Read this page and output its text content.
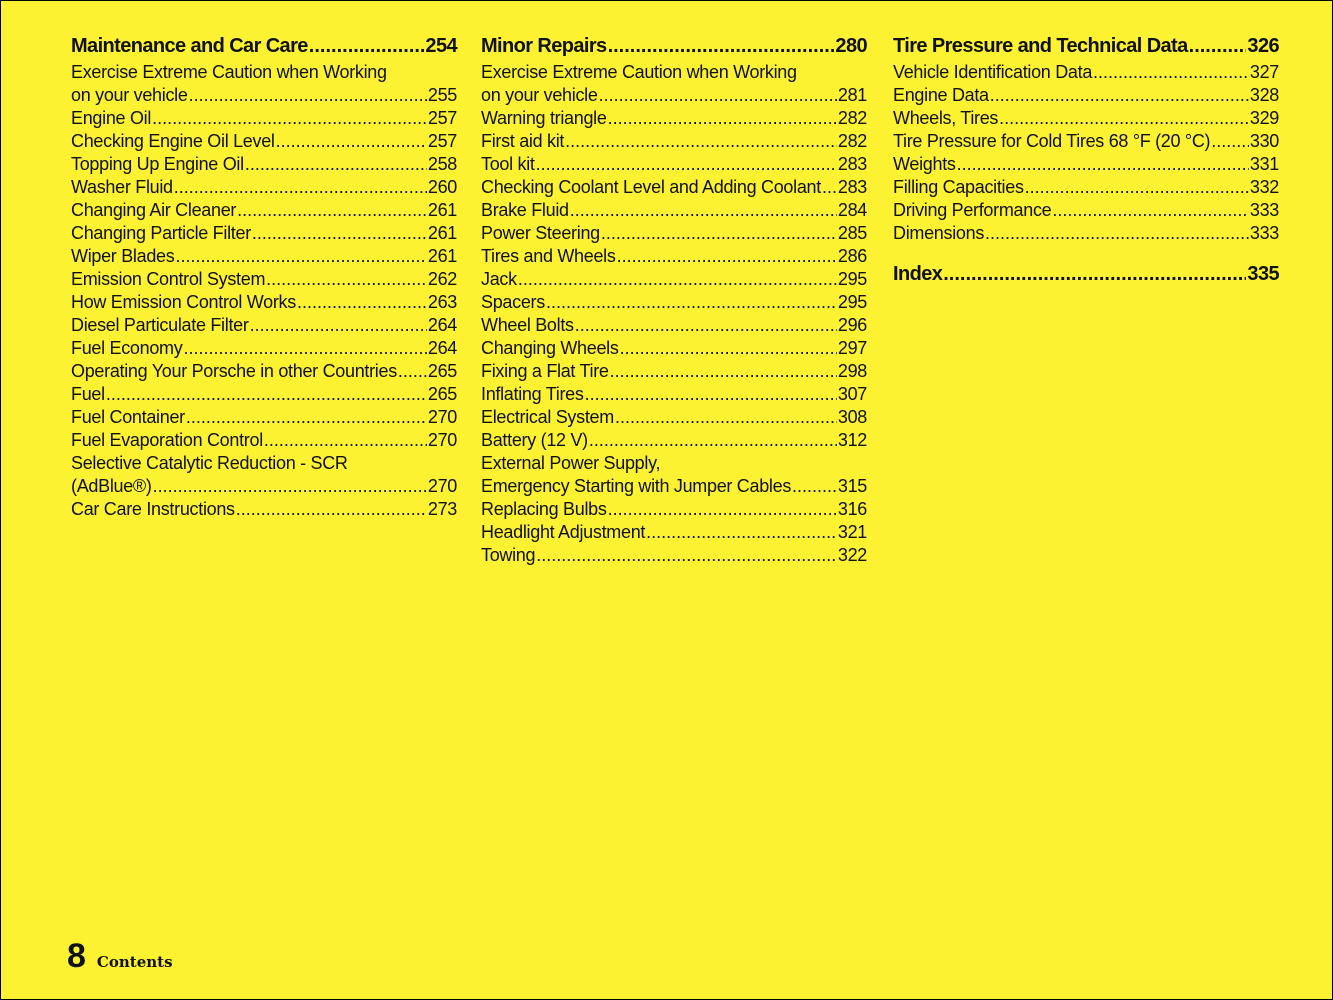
Maintenance and Car Care .....	254
Exercise Extreme Caution when Working
on your vehicle .....	255
Engine Oil .....	257
Checking Engine Oil Level .....	257
Topping Up Engine Oil .....	258
Washer Fluid .....	260
Changing Air Cleaner .....	261
Changing Particle Filter .....	261
Wiper Blades .....	261
Emission Control System .....	262
How Emission Control Works .....	263
Diesel Particulate Filter .....	264
Fuel Economy .....	264
Operating Your Porsche in other Countries ..... 265
Fuel .....	265
Fuel Container .....	270
Fuel Evaporation Control .....	270
Selective Catalytic Reduction - SCR
(AdBlue®) .....	270
Car Care Instructions .....	273
Minor Repairs .....	280
Exercise Extreme Caution when Working
on your vehicle .....	281
Warning triangle .....	282
First aid kit .....	282
Tool kit .....	283
Checking Coolant Level and Adding Coolant ..... 283
Brake Fluid .....	284
Power Steering .....	285
Tires and Wheels .....	286
Jack .....	295
Spacers .....	295
Wheel Bolts .....	296
Changing Wheels .....	297
Fixing a Flat Tire .....	298
Inflating Tires .....	307
Electrical System .....	308
Battery (12 V) .....	312
External Power Supply,
Emergency Starting with Jumper Cables .....	315
Replacing Bulbs .....	316
Headlight Adjustment .....	321
Towing .....	322
Tire Pressure and Technical Data .....	326
Vehicle Identification Data .....	327
Engine Data .....	328
Wheels, Tires .....	329
Tire Pressure for Cold Tires 68 °F (20 °C) ..... 330
Weights .....	331
Filling Capacities .....	332
Driving Performance .....	333
Dimensions .....	333
Index .....	335
8 Contents
